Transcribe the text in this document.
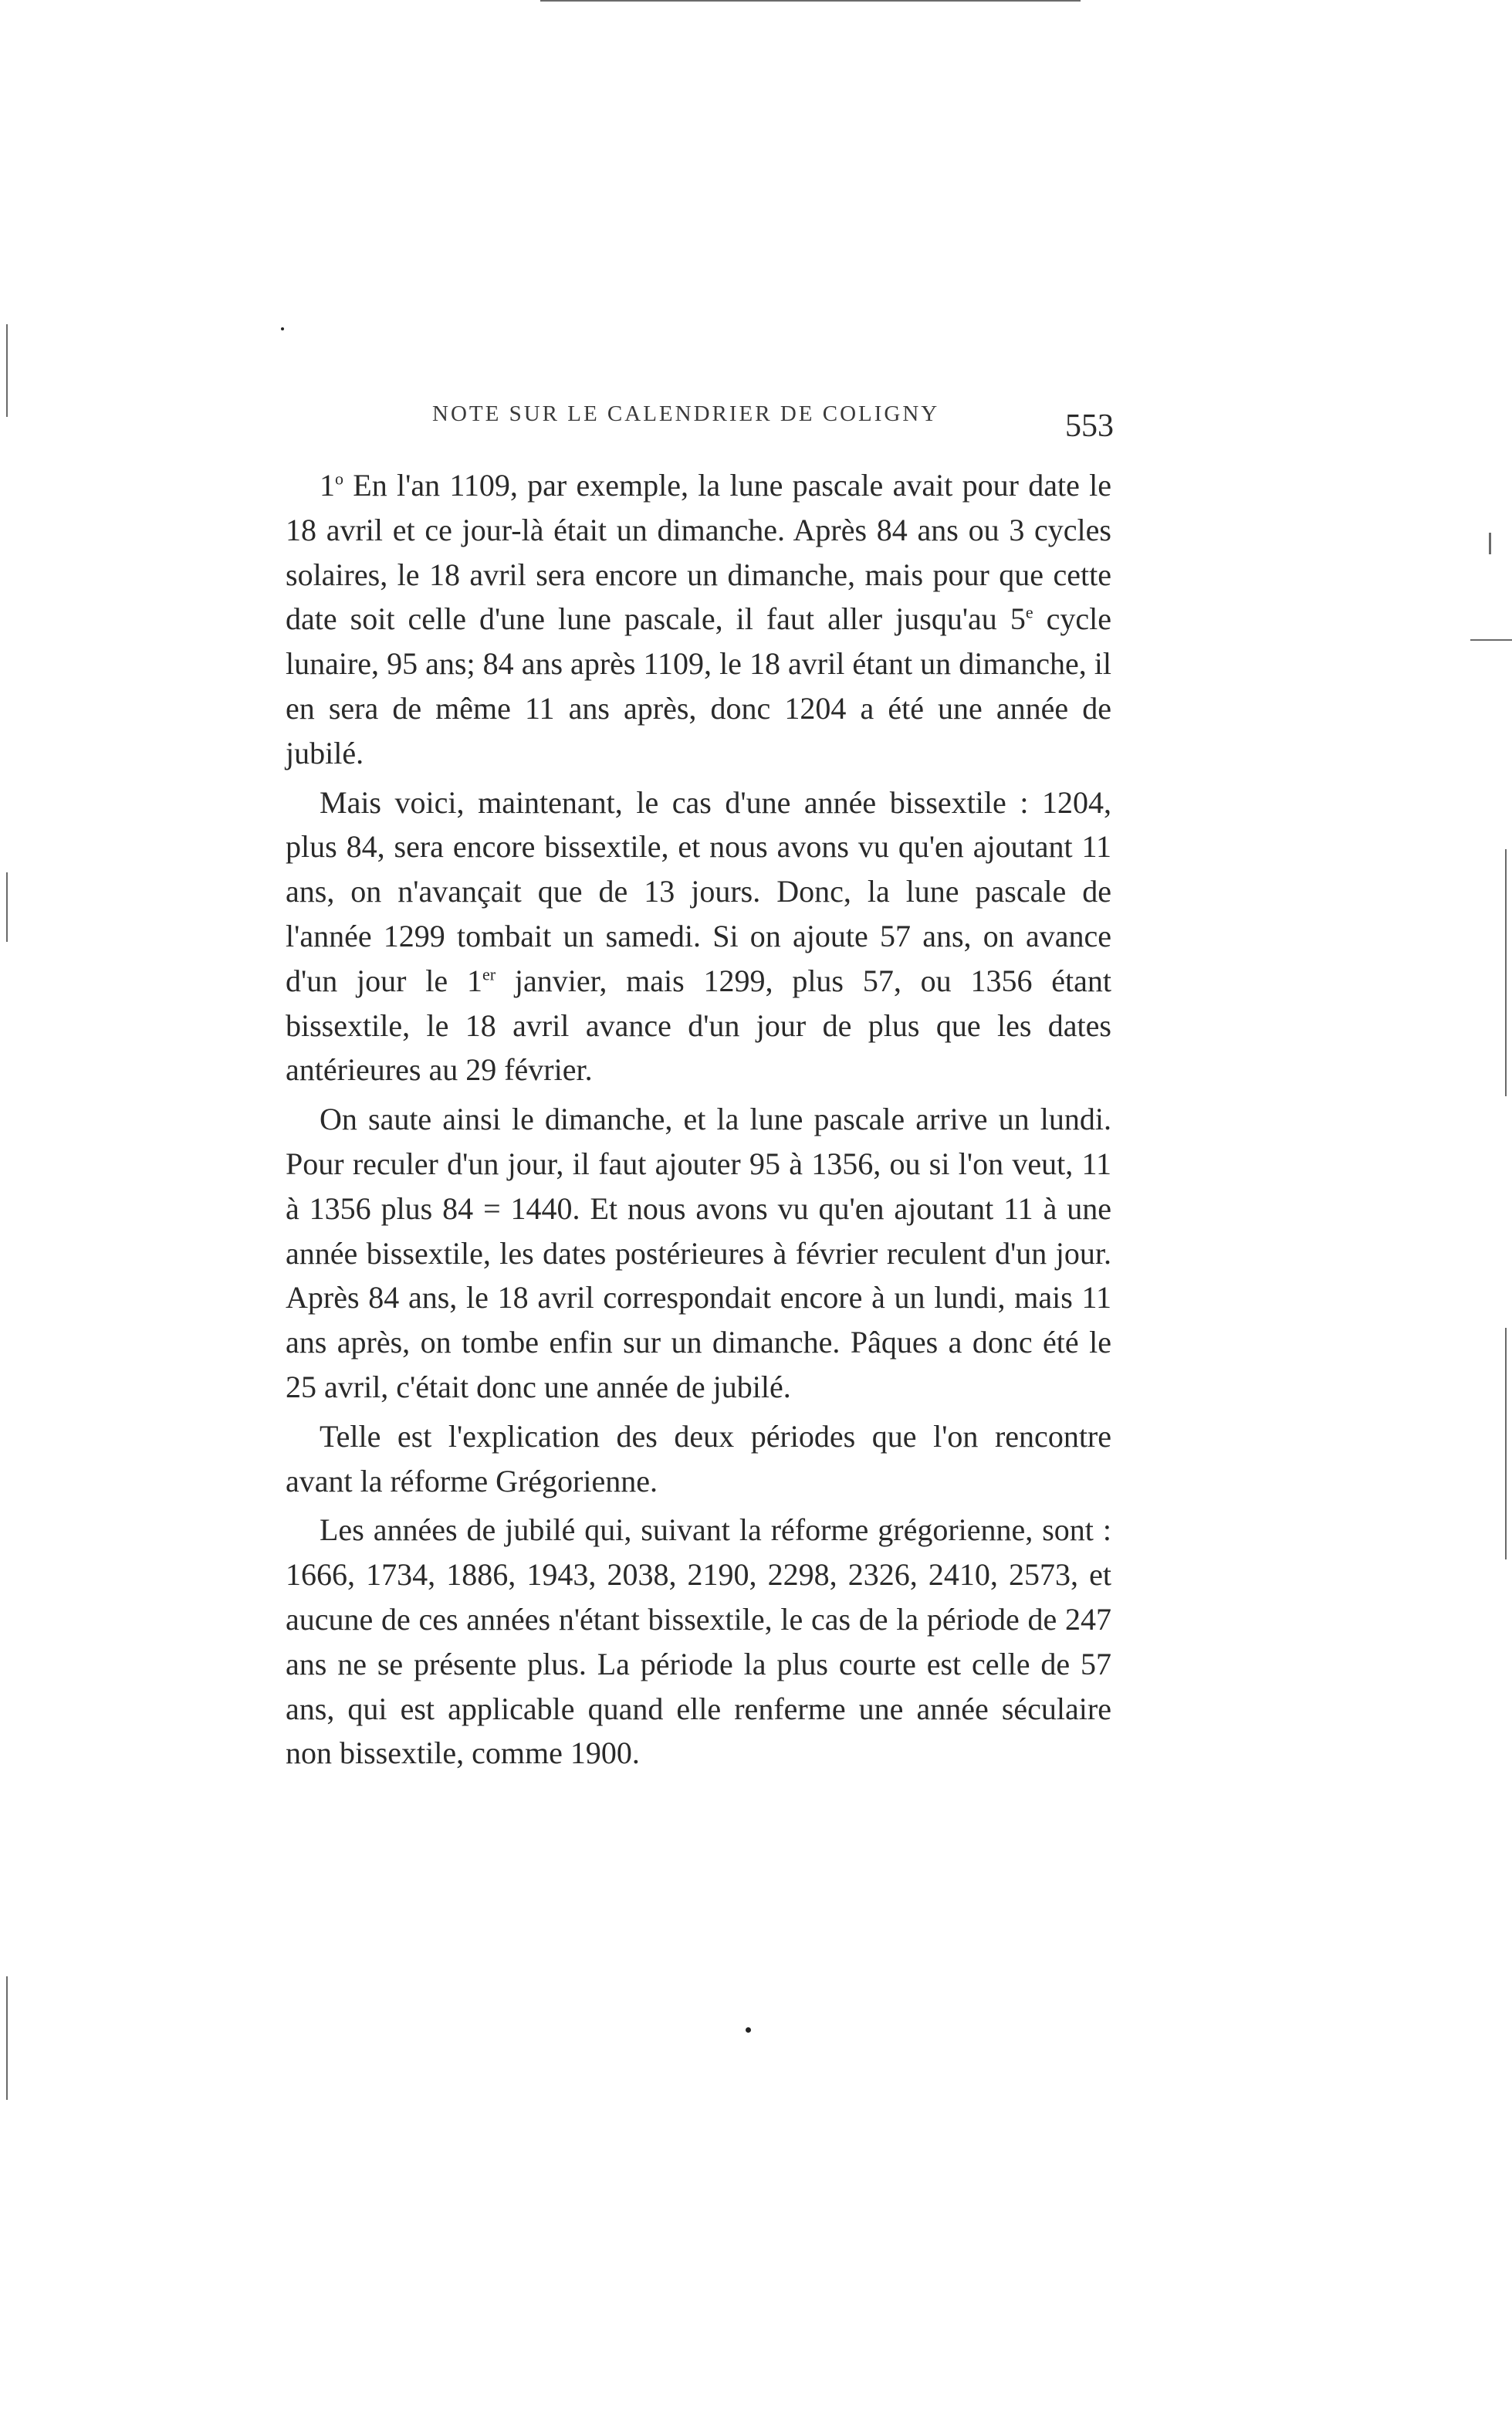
NOTE SUR LE CALENDRIER DE COLIGNY	553

1$^o$ En l'an 1109, par exemple, la lune pascale avait pour date le 18 avril et ce jour-là était un dimanche. Après 84 ans ou 3 cycles solaires, le 18 avril sera encore un dimanche, mais pour que cette date soit celle d'une lune pascale, il faut aller jusqu'au 5e cycle lunaire, 95 ans; 84 ans après 1109, le 18 avril étant un dimanche, il en sera de même 11 ans après, donc 1204 a été une année de jubilé.

Mais voici, maintenant, le cas d'une année bissextile : 1204, plus 84, sera encore bissextile, et nous avons vu qu'en ajoutant 11 ans, on n'avançait que de 13 jours. Donc, la lune pascale de l'année 1299 tombait un samedi. Si on ajoute 57 ans, on avance d'un jour le 1er janvier, mais 1299, plus 57, ou 1356 étant bissextile, le 18 avril avance d'un jour de plus que les dates antérieures au 29 février.

On saute ainsi le dimanche, et la lune pascale arrive un lundi. Pour reculer d'un jour, il faut ajouter 95 à 1356, ou si l'on veut, 11 à 1356 plus 84 = 1440. Et nous avons vu qu'en ajoutant 11 à une année bissextile, les dates postérieures à février reculent d'un jour. Après 84 ans, le 18 avril correspondait encore à un lundi, mais 11 ans après, on tombe enfin sur un dimanche. Pâques a donc été le 25 avril, c'était donc une année de jubilé.

Telle est l'explication des deux périodes que l'on rencontre avant la réforme Grégorienne.

Les années de jubilé qui, suivant la réforme grégorienne, sont : 1666, 1734, 1886, 1943, 2038, 2190, 2298, 2326, 2410, 2573, et aucune de ces années n'étant bissextile, le cas de la période de 247 ans ne se présente plus. La période la plus courte est celle de 57 ans, qui est applicable quand elle renferme une année séculaire non bissextile, comme 1900.
